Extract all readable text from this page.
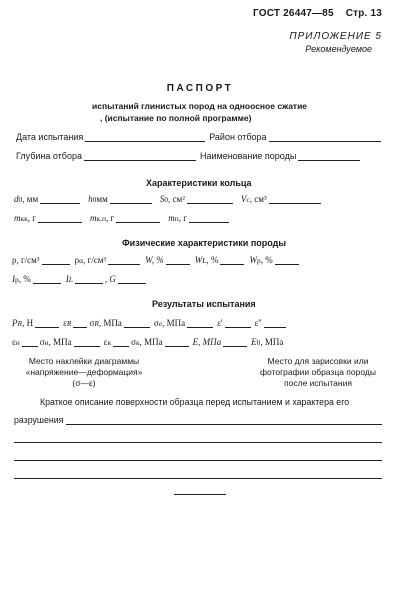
ГОСТ 26447—85 Стр. 13
ПРИЛОЖЕНИЕ 5
Рекомендуемое
ПАСПОРТ
испытаний глинистых пород на одноосное сжатие
, (испытание по полной программе)
Дата испытания	Район отбора
Глубина отбора	Наименование породы
Характеристики кольца
d 0 , мм	h 0 мм	S 0 , см²	V c , см³
m кк , г	m к.п , г	m п , г
Физические характеристики породы
ρ, г/см³	ρ α , г/см³	W, %	W L , %	W p , %
I p , %	I L	, G
Результаты испытания
P R , H	ε R σ R , MПа	σ e , MПа	ε'	ε''
ε н σ н , MПа	ε к σ к , MПа	E, MПа	E 0 , MПа
Место наклейки диаграммы «напряжение—деформация» (σ—ε)
Место для зарисовки или фотографии образца породы после испытания
Краткое описание поверхности образца перед испытанием и характера его
разрушения
